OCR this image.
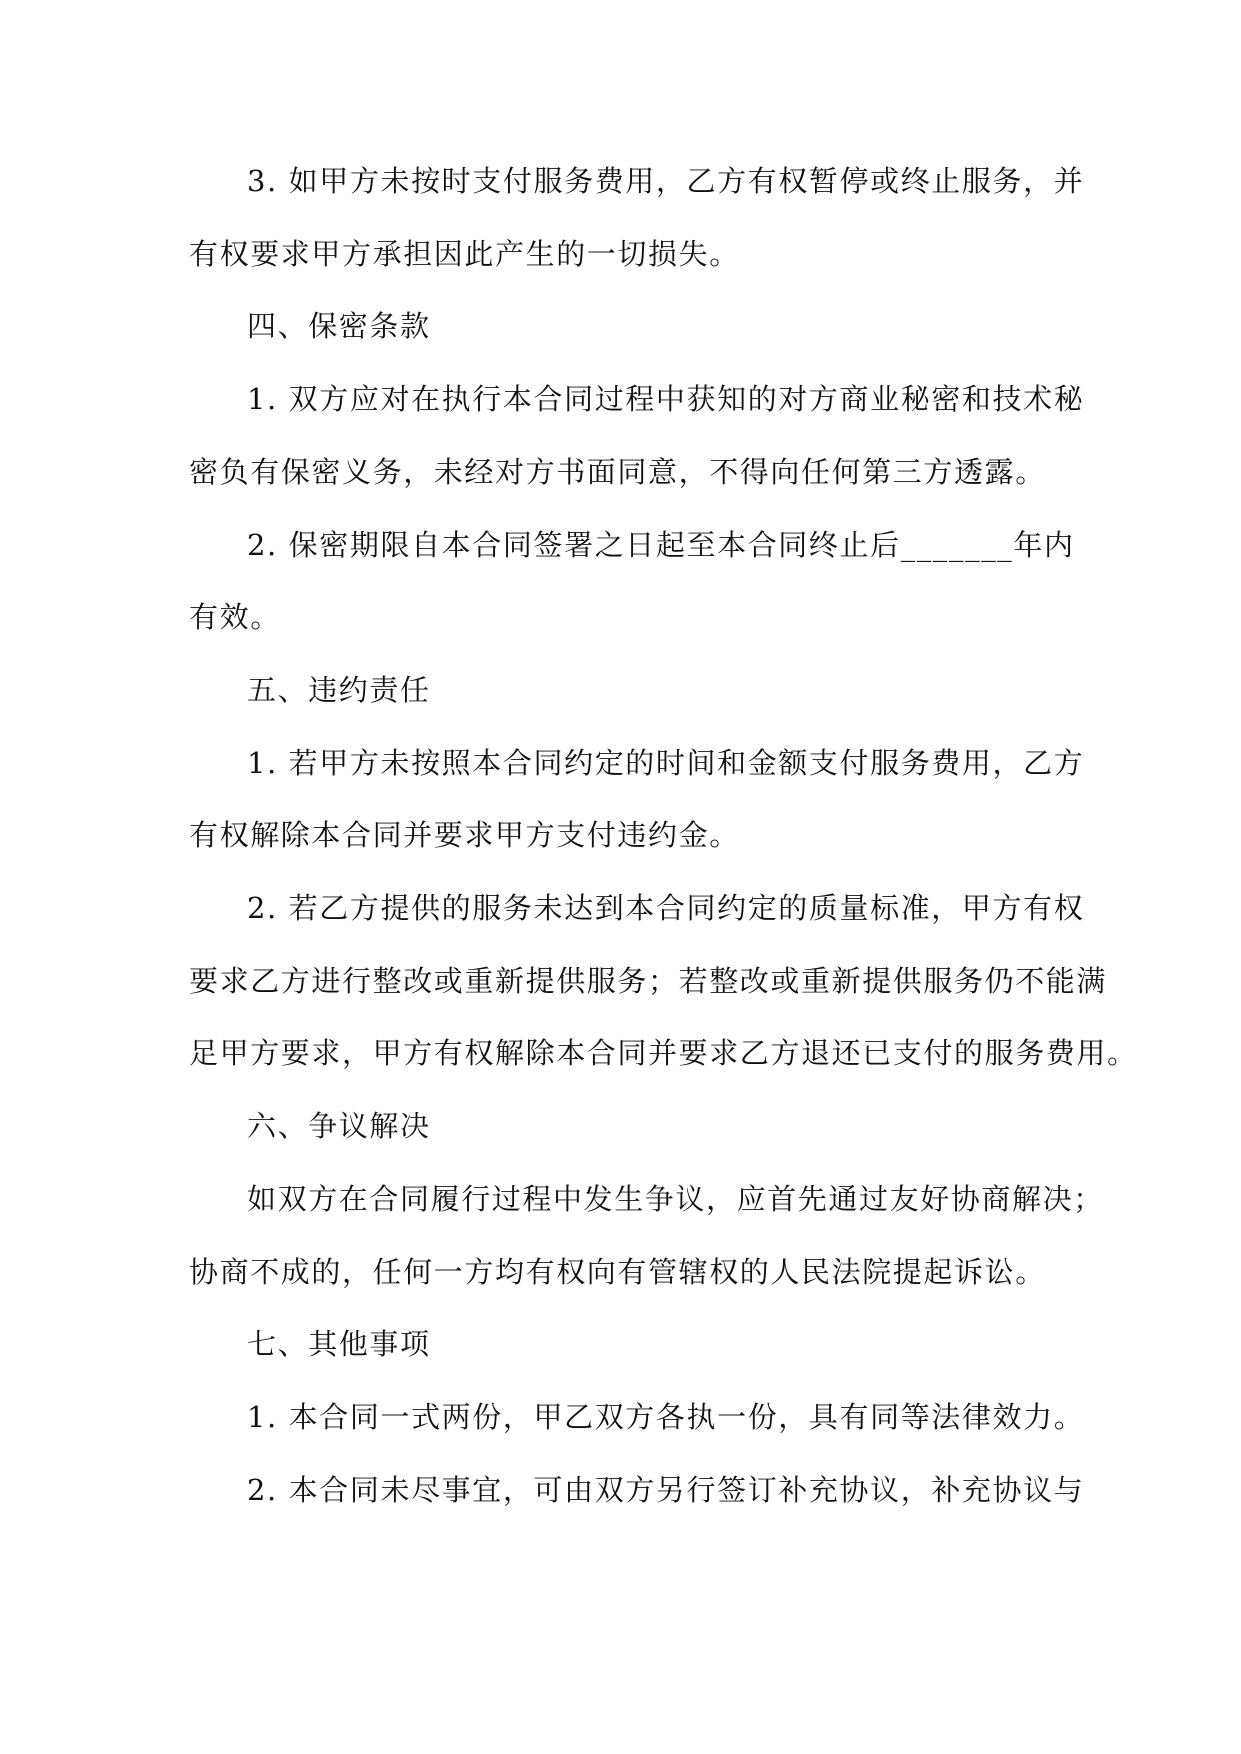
3. 如甲方未按时支付服务费用，乙方有权暂停或终止服务，并

有权要求甲方承担因此产生的一切损失。

四、保密条款

1. 双方应对在执行本合同过程中获知的对方商业秘密和技术秘

密负有保密义务，未经对方书面同意，不得向任何第三方透露。

2. 保密期限自本合同签署之日起至本合同终止后_______年内

有效。

五、违约责任

1. 若甲方未按照本合同约定的时间和金额支付服务费用，乙方

有权解除本合同并要求甲方支付违约金。

2. 若乙方提供的服务未达到本合同约定的质量标准，甲方有权

要求乙方进行整改或重新提供服务；若整改或重新提供服务仍不能满

足甲方要求，甲方有权解除本合同并要求乙方退还已支付的服务费用。

六、争议解决

如双方在合同履行过程中发生争议，应首先通过友好协商解决；

协商不成的，任何一方均有权向有管辖权的人民法院提起诉讼。

七、其他事项

1. 本合同一式两份，甲乙双方各执一份，具有同等法律效力。

2. 本合同未尽事宜，可由双方另行签订补充协议，补充协议与
